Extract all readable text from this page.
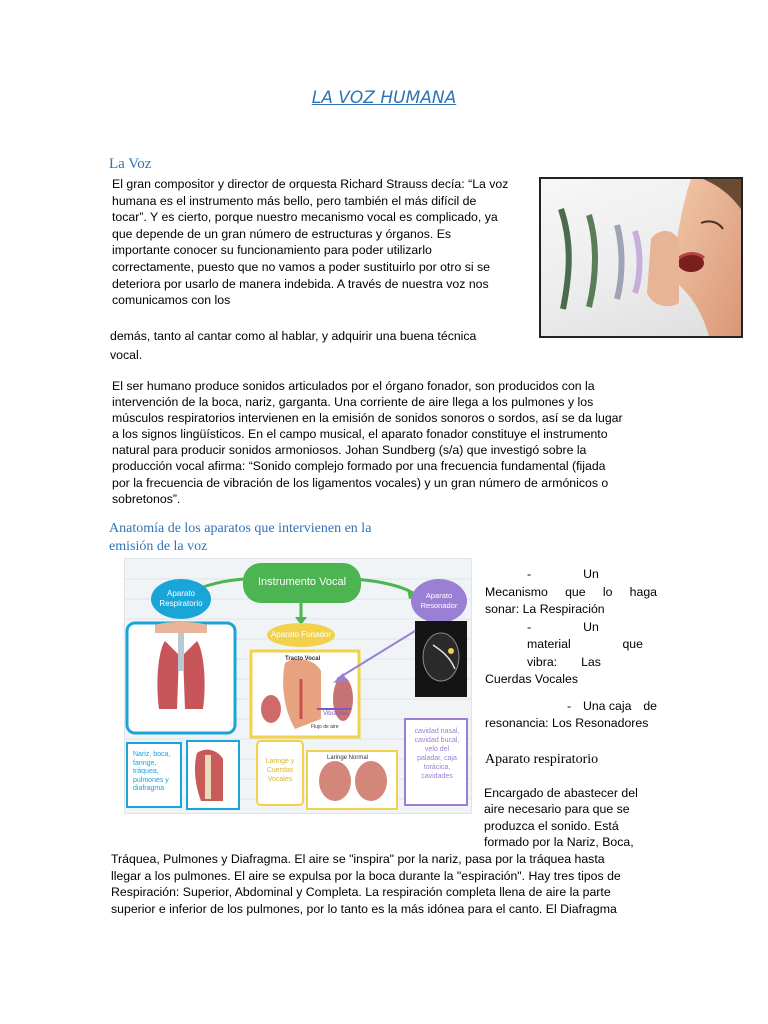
LA VOZ HUMANA
La Voz
El gran compositor y director de orquesta Richard Strauss decía: “La voz
humana es el instrumento más bello, pero también el más difícil de
tocar”. Y es cierto, porque nuestro mecanismo vocal es complicado, ya
que depende de un gran número de estructuras y órganos. Es
importante conocer su funcionamiento para poder utilizarlo
correctamente, puesto que no vamos a poder sustituirlo por otro si se
deteriora por usarlo de manera indebida. A través de nuestra voz nos
comunicamos con los
demás, tanto al cantar como al hablar, y adquirir una buena técnica
vocal.
El ser humano produce sonidos articulados por el órgano fonador, son producidos con la
intervención de la boca, nariz, garganta. Una corriente de aire llega a los pulmones y los
músculos respiratorios intervienen en la emisión de sonidos sonoros o sordos, así se da lugar
a los signos lingüísticos. En el campo musical, el aparato fonador constituye el instrumento
natural para producir sonidos armoniosos. Johan Sundberg (s/a) que investigó sobre la
producción vocal afirma: “Sonido complejo formado por una frecuencia fundamental (fijada
por la frecuencia de vibración de los ligamentos vocales) y un gran número de armónicos o
sobretonos”.
Anatomía de los aparatos que intervienen en la
emisión de la voz
Instrumento Vocal
Aparato
Respiratorio
Aparato Fonador
Aparato
Resonador
Tracto Vocal
Vibración
Flujo de aire
Laringe Normal
Nariz, boca,
faringe,
tráquea,
pulmones y
diafragma
Laringe y
Cuerdas
Vocales
cavidad nasal,
cavidad bucal,
velo del
paladar, caja
torácica,
cavidades
-	Un
Mecanismo que lo haga
sonar: La Respiración
-	Un
material	que
vibra: Las
Cuerdas Vocales
- Una caja de
resonancia: Los Resonadores
Aparato respiratorio
Encargado de abastecer del
aire necesario para que se
produzca el sonido. Está
formado por la Nariz, Boca,
Tráquea, Pulmones y Diafragma. El aire se "inspira" por la nariz, pasa por la tráquea hasta
llegar a los pulmones. El aire se expulsa por la boca durante la "espiración". Hay tres tipos de
Respiración: Superior, Abdominal y Completa. La respiración completa llena de aire la parte
superior e inferior de los pulmones, por lo tanto es la más idónea para el canto. El Diafragma
